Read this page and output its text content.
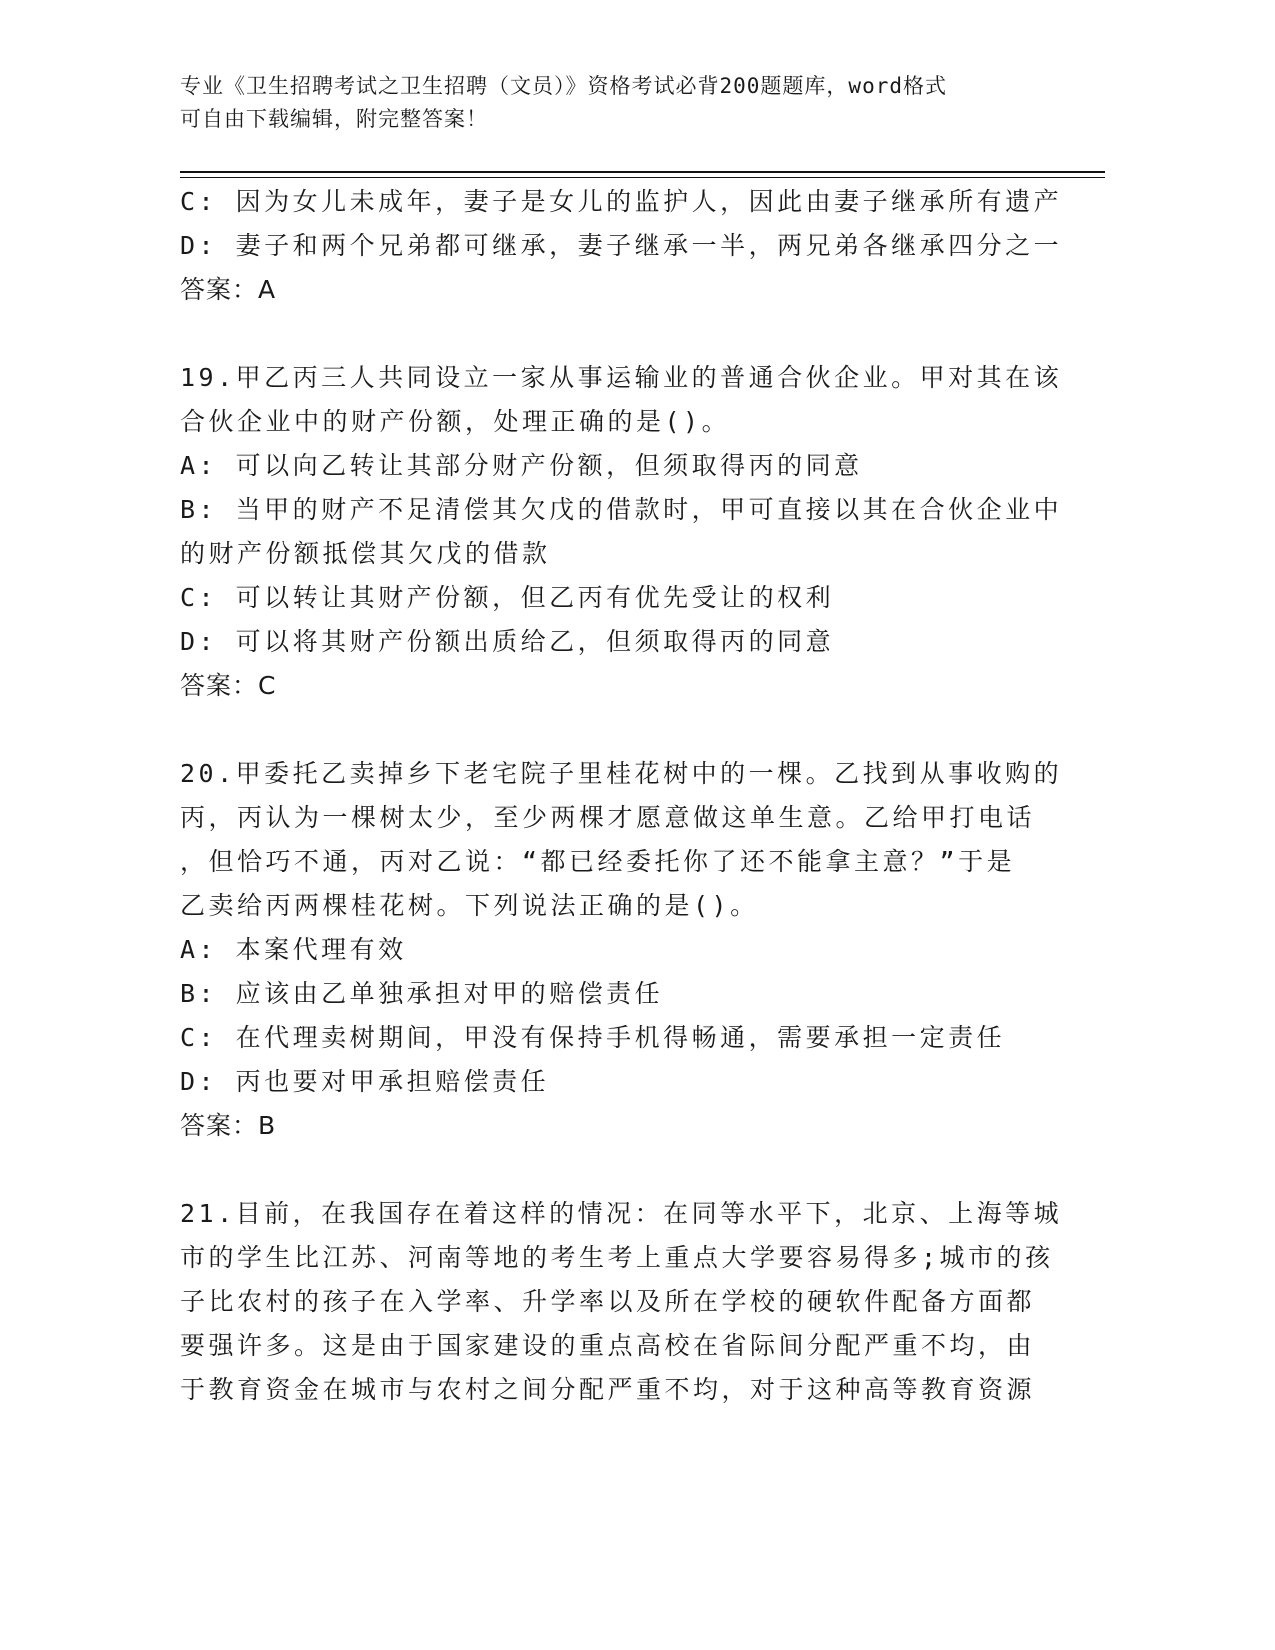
专业《卫生招聘考试之卫生招聘（文员）》资格考试必背200题题库，word格式
可自由下载编辑，附完整答案！
C: 因为女儿未成年，妻子是女儿的监护人，因此由妻子继承所有遗产
D: 妻子和两个兄弟都可继承，妻子继承一半，两兄弟各继承四分之一
答案：A
19.甲乙丙三人共同设立一家从事运输业的普通合伙企业。甲对其在该
合伙企业中的财产份额，处理正确的是()。
A: 可以向乙转让其部分财产份额，但须取得丙的同意
B: 当甲的财产不足清偿其欠戊的借款时，甲可直接以其在合伙企业中
的财产份额抵偿其欠戊的借款
C: 可以转让其财产份额，但乙丙有优先受让的权利
D: 可以将其财产份额出质给乙，但须取得丙的同意
答案：C
20.甲委托乙卖掉乡下老宅院子里桂花树中的一棵。乙找到从事收购的
丙，丙认为一棵树太少，至少两棵才愿意做这单生意。乙给甲打电话
，但恰巧不通，丙对乙说：“都已经委托你了还不能拿主意？”于是
乙卖给丙两棵桂花树。下列说法正确的是()。
A: 本案代理有效
B: 应该由乙单独承担对甲的赔偿责任
C: 在代理卖树期间，甲没有保持手机得畅通，需要承担一定责任
D: 丙也要对甲承担赔偿责任
答案：B
21.目前，在我国存在着这样的情况：在同等水平下，北京、上海等城
市的学生比江苏、河南等地的考生考上重点大学要容易得多;城市的孩
子比农村的孩子在入学率、升学率以及所在学校的硬软件配备方面都
要强许多。这是由于国家建设的重点高校在省际间分配严重不均，由
于教育资金在城市与农村之间分配严重不均，对于这种高等教育资源
